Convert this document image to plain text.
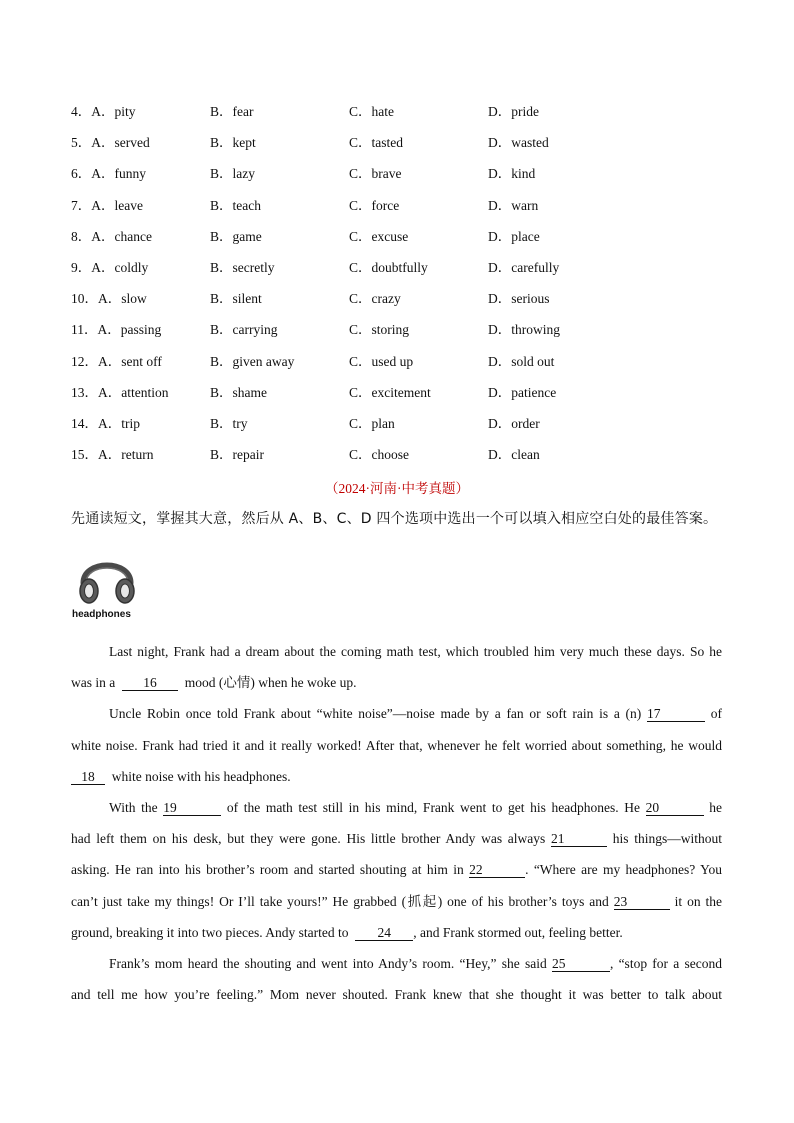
4．A．pity	B．fear	C．hate	D．pride
5．A．served	B．kept	C．tasted	D．wasted
6．A．funny	B．lazy	C．brave	D．kind
7．A．leave	B．teach	C．force	D．warn
8．A．chance	B．game	C．excuse	D．place
9．A．coldly	B．secretly	C．doubtfully	D．carefully
10．A．slow	B．silent	C．crazy	D．serious
11．A．passing	B．carrying	C．storing	D．throwing
12．A．sent off	B．given away	C．used up	D．sold out
13．A．attention	B．shame	C．excitement	D．patience
14．A．trip	B．try	C．plan	D．order
15．A．return	B．repair	C．choose	D．clean
（2024·河南·中考真题）
先通读短文，掌握其大意，然后从 A、B、C、D 四个选项中选出一个可以填入相应空白处的最佳答案。
headphones
Last night, Frank had a dream about the coming math test, which troubled him very much these days. So he
was in a 16 mood (心情) when he woke up.
Uncle Robin once told Frank about “white noise”—noise made by a fan or soft rain is a (n) 17	of
white noise. Frank had tried it and it really worked! After that, whenever he felt worried about something, he would
18 white noise with his headphones.
With the 19	of the math test still in his mind, Frank went to get his headphones. He 20	he
had left them on his desk, but they were gone. His little brother Andy was always 21	his things—without
asking. He ran into his brother’s room and started shouting at him in 22	. “Where are my headphones? You
can’t just take my things! Or I’ll take yours!” He grabbed (抓起) one of his brother’s toys and 23	it on the
ground, breaking it into two pieces. Andy started to 24 , and Frank stormed out, feeling better.
Frank’s mom heard the shouting and went into Andy’s room. “Hey,” she said 25	, “stop for a second
and tell me how you’re feeling.” Mom never shouted. Frank knew that she thought it was better to talk about
